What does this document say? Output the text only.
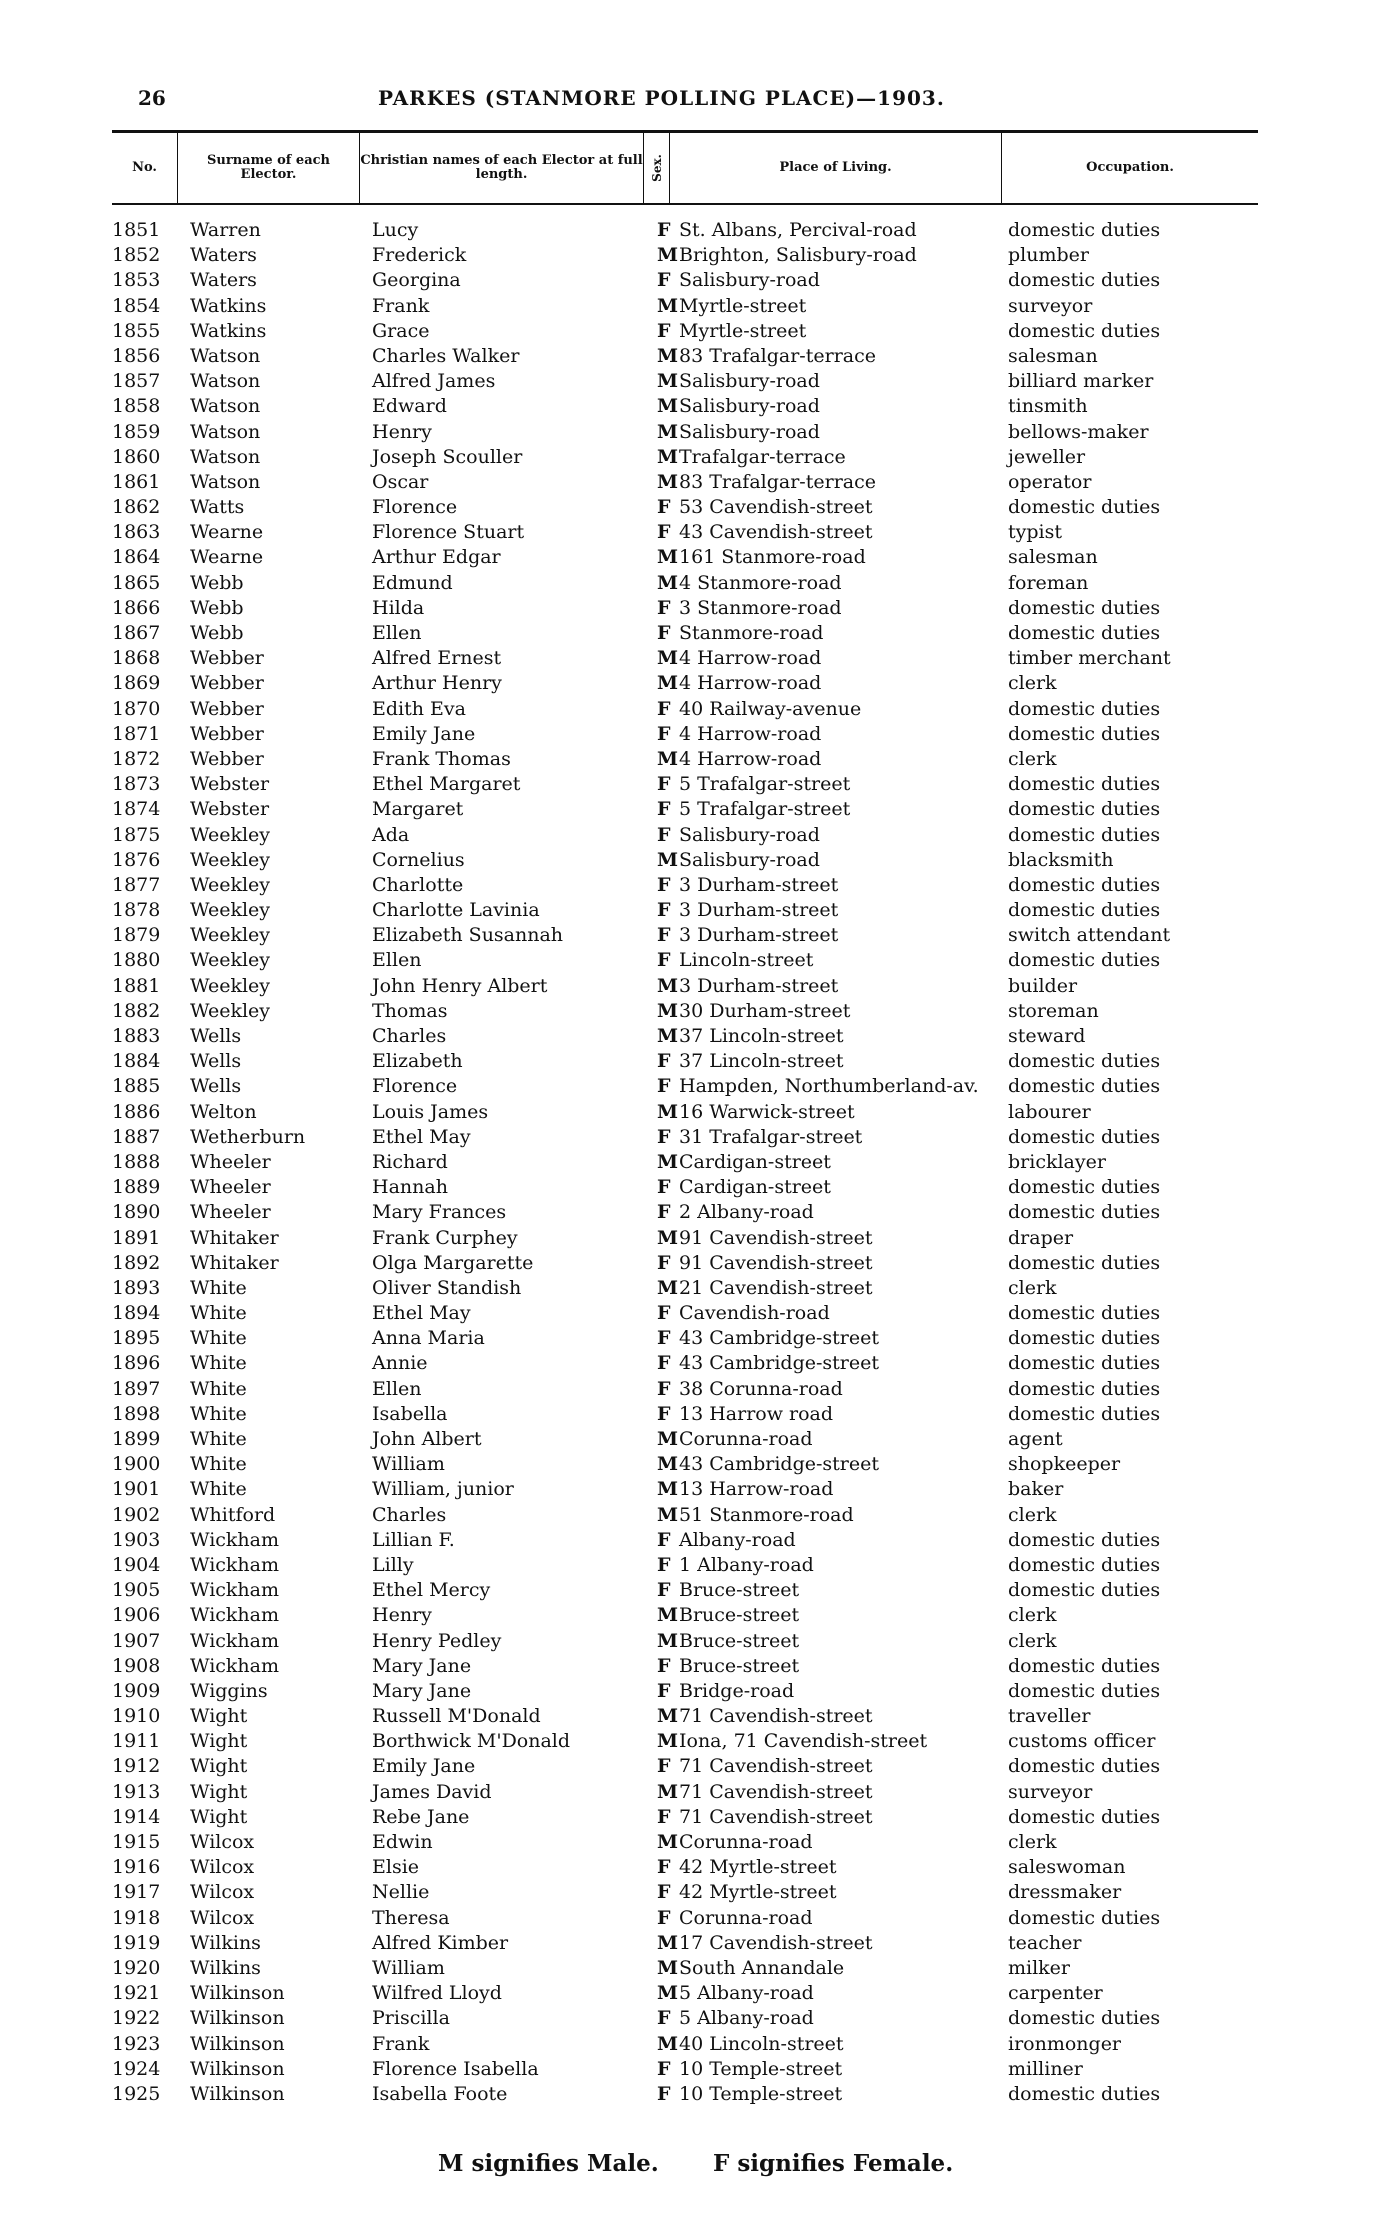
26	PARKES (STANMORE POLLING PLACE)—1903.
No.	Surname of each Elector.
Christian names of each Elector at full length.	Sex.	Place of Living.	Occupation.
1851 Warren	Lucy	F St. Albans, Percival-road	domestic duties
1852 Waters	Frederick	M Brighton, Salisbury-road	plumber
1853 Waters	Georgina	F Salisbury-road	domestic duties
1854 Watkins	Frank	M Myrtle-street	surveyor
1855 Watkins	Grace	F Myrtle-street	domestic duties
1856 Watson	Charles Walker	M 83 Trafalgar-terrace	salesman
1857 Watson	Alfred James	M Salisbury-road	billiard marker
1858 Watson	Edward	M Salisbury-road	tinsmith
1859 Watson	Henry	M Salisbury-road	bellows-maker
1860 Watson	Joseph Scouller	M Trafalgar-terrace	jeweller
1861 Watson	Oscar	M 83 Trafalgar-terrace	operator
1862 Watts	Florence	F 53 Cavendish-street	domestic duties
1863 Wearne	Florence Stuart	F 43 Cavendish-street	typist
1864 Wearne	Arthur Edgar	M 161 Stanmore-road	salesman
1865 Webb	Edmund	M 4 Stanmore-road	foreman
1866 Webb	Hilda	F 3 Stanmore-road	domestic duties
1867 Webb	Ellen	F Stanmore-road	domestic duties
1868 Webber	Alfred Ernest	M 4 Harrow-road	timber merchant
1869 Webber	Arthur Henry	M 4 Harrow-road	clerk
1870 Webber	Edith Eva	F 40 Railway-avenue	domestic duties
1871 Webber	Emily Jane	F 4 Harrow-road	domestic duties
1872 Webber	Frank Thomas	M 4 Harrow-road	clerk
1873 Webster	Ethel Margaret	F 5 Trafalgar-street	domestic duties
1874 Webster	Margaret	F 5 Trafalgar-street	domestic duties
1875 Weekley	Ada	F Salisbury-road	domestic duties
1876 Weekley	Cornelius	M Salisbury-road	blacksmith
1877 Weekley	Charlotte	F 3 Durham-street	domestic duties
1878 Weekley	Charlotte Lavinia	F 3 Durham-street	domestic duties
1879 Weekley	Elizabeth Susannah	F 3 Durham-street	switch attendant
1880 Weekley	Ellen	F Lincoln-street	domestic duties
1881 Weekley	John Henry Albert	M 3 Durham-street	builder
1882 Weekley	Thomas	M 30 Durham-street	storeman
1883 Wells	Charles	M 37 Lincoln-street	steward
1884 Wells	Elizabeth	F 37 Lincoln-street	domestic duties
1885 Wells	Florence	F Hampden, Northumberland-av. domestic duties
1886 Welton	Louis James	M 16 Warwick-street	labourer
1887 Wetherburn	Ethel May	F 31 Trafalgar-street	domestic duties
1888 Wheeler	Richard	M Cardigan-street	bricklayer
1889 Wheeler	Hannah	F Cardigan-street	domestic duties
1890 Wheeler	Mary Frances	F 2 Albany-road	domestic duties
1891 Whitaker	Frank Curphey	M 91 Cavendish-street	draper
1892 Whitaker	Olga Margarette	F 91 Cavendish-street	domestic duties
1893 White	Oliver Standish	M 21 Cavendish-street	clerk
1894 White	Ethel May	F Cavendish-road	domestic duties
1895 White	Anna Maria	F 43 Cambridge-street	domestic duties
1896 White	Annie	F 43 Cambridge-street	domestic duties
1897 White	Ellen	F 38 Corunna-road	domestic duties
1898 White	Isabella	F 13 Harrow road	domestic duties
1899 White	John Albert	M Corunna-road	agent
1900 White	William	M 43 Cambridge-street	shopkeeper
1901 White	William, junior	M 13 Harrow-road	baker
1902 Whitford	Charles	M 51 Stanmore-road	clerk
1903 Wickham	Lillian F.	F Albany-road	domestic duties
1904 Wickham	Lilly	F 1 Albany-road	domestic duties
1905 Wickham	Ethel Mercy	F Bruce-street	domestic duties
1906 Wickham	Henry	M Bruce-street	clerk
1907 Wickham	Henry Pedley	M Bruce-street	clerk
1908 Wickham	Mary Jane	F Bruce-street	domestic duties
1909 Wiggins	Mary Jane	F Bridge-road	domestic duties
1910 Wight	Russell M'Donald	M 71 Cavendish-street	traveller
1911 Wight	Borthwick M'Donald	M Iona, 71 Cavendish-street	customs officer
1912 Wight	Emily Jane	F 71 Cavendish-street	domestic duties
1913 Wight	James David	M 71 Cavendish-street	surveyor
1914 Wight	Rebe Jane	F 71 Cavendish-street	domestic duties
1915 Wilcox	Edwin	M Corunna-road	clerk
1916 Wilcox	Elsie	F 42 Myrtle-street	saleswoman
1917 Wilcox	Nellie	F 42 Myrtle-street	dressmaker
1918 Wilcox	Theresa	F Corunna-road	domestic duties
1919 Wilkins	Alfred Kimber	M 17 Cavendish-street	teacher
1920 Wilkins	William	M South Annandale	milker
1921 Wilkinson	Wilfred Lloyd	M 5 Albany-road	carpenter
1922 Wilkinson	Priscilla	F 5 Albany-road	domestic duties
1923 Wilkinson	Frank	M 40 Lincoln-street	ironmonger
1924 Wilkinson	Florence Isabella	F 10 Temple-street	milliner
1925 Wilkinson	Isabella Foote	F 10 Temple-street	domestic duties
M signifies Male. F signifies Female.
